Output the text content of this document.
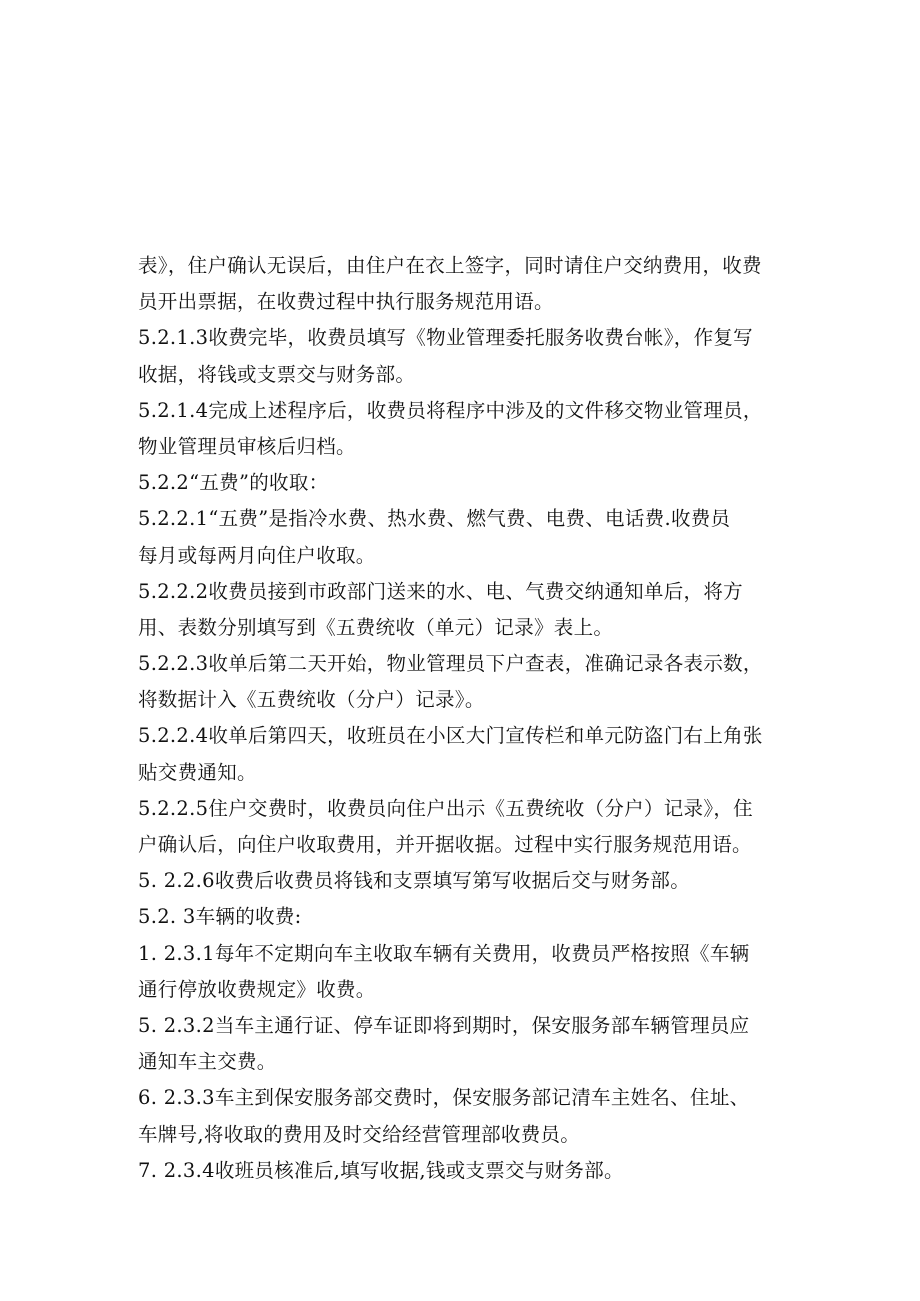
表》，住户确认无误后，由住户在衣上签字，同时请住户交纳费用，收费
员开出票据，在收费过程中执行服务规范用语。
5.2.1.3收费完毕，收费员填写《物业管理委托服务收费台帐》，作复写
收据，将钱或支票交与财务部。
5.2.1.4完成上述程序后，收费员将程序中涉及的文件移交物业管理员，
物业管理员审核后归档。
5.2.2“五费”的收取：
5.2.2.1“五费”是指冷水费、热水费、燃气费、电费、电话费.收费员
每月或每两月向住户收取。
5.2.2.2收费员接到市政部门送来的水、电、气费交纳通知单后，将方
用、表数分别填写到《五费统收（单元）记录》表上。
5.2.2.3收单后第二天开始，物业管理员下户查表，准确记录各表示数，
将数据计入《五费统收（分户）记录》。
5.2.2.4收单后第四天，收班员在小区大门宣传栏和单元防盗门右上角张
贴交费通知。
5.2.2.5住户交费时，收费员向住户出示《五费统收（分户）记录》，住
户确认后，向住户收取费用，并开据收据。过程中实行服务规范用语。
5. 2.2.6收费后收费员将钱和支票填写第写收据后交与财务部。
5.2. 3车辆的收费:
1. 2.3.1每年不定期向车主收取车辆有关费用，收费员严格按照《车辆
通行停放收费规定》收费。
5. 2.3.2当车主通行证、停车证即将到期时，保安服务部车辆管理员应
通知车主交费。
6. 2.3.3车主到保安服务部交费时，保安服务部记清车主姓名、住址、
车牌号,将收取的费用及时交给经营管理部收费员。
7. 2.3.4收班员核准后,填写收据,钱或支票交与财务部。
